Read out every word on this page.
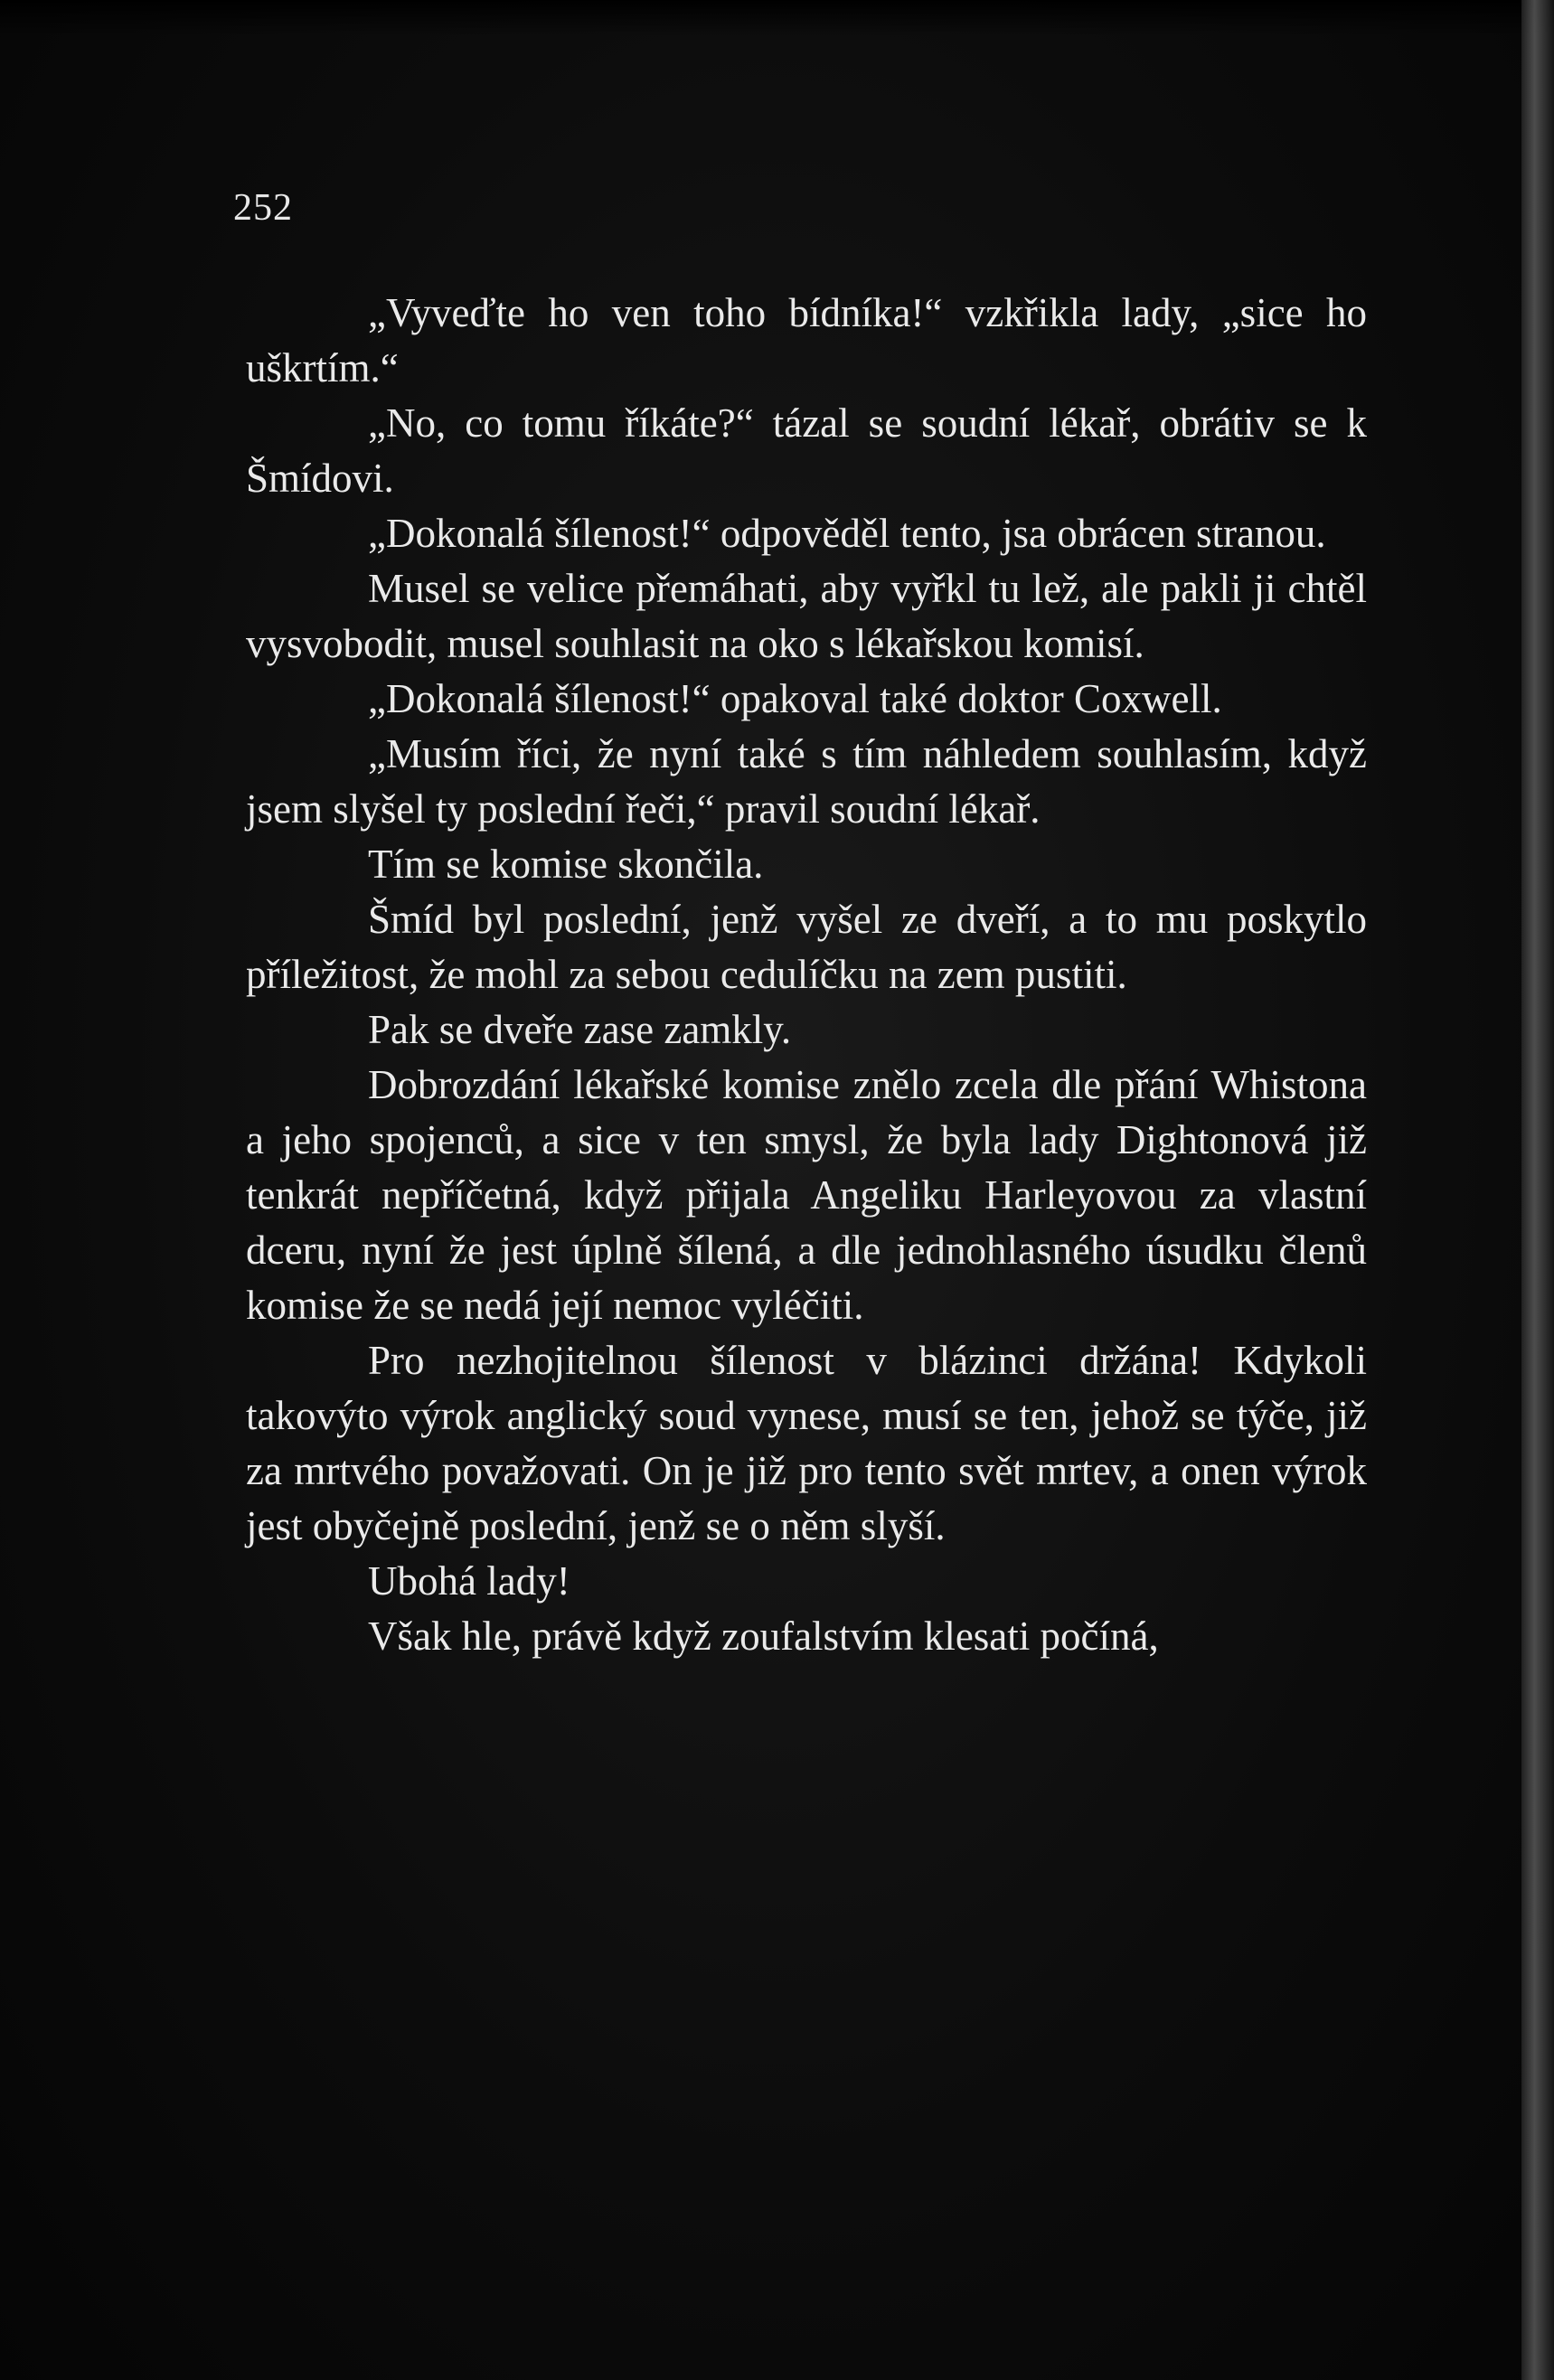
252

„Vyveďte ho ven toho bídníka!“ vzkřikla lady, „sice ho uškrtím.“

„No, co tomu říkáte?“ tázal se soudní lékař, obrátiv se k Šmídovi.

„Dokonalá šílenost!“ odpověděl tento, jsa obrácen stranou.

Musel se velice přemáhati, aby vyřkl tu lež, ale pakli ji chtěl vysvobodit, musel souhlasit na oko s lékařskou komisí.

„Dokonalá šílenost!“ opakoval také doktor Coxwell.

„Musím říci, že nyní také s tím náhledem souhlasím, když jsem slyšel ty poslední řeči,“ pravil soudní lékař.

Tím se komise skončila.

Šmíd byl poslední, jenž vyšel ze dveří, a to mu poskytlo příležitost, že mohl za sebou cedulíčku na zem pustiti.

Pak se dveře zase zamkly.

Dobrozdání lékařské komise znělo zcela dle přání Whistona a jeho spojenců, a sice v ten smysl, že byla lady Dightonová již tenkrát nepříčetná, když přijala Angeliku Harleyovou za vlastní dceru, nyní že jest úplně šílená, a dle jednohlasného úsudku členů komise že se nedá její nemoc vyléčiti.

Pro nezhojitelnou šílenost v blázinci držána! Kdykoli takovýto výrok anglický soud vynese, musí se ten, jehož se týče, již za mrtvého považovati. On je již pro tento svět mrtev, a onen výrok jest obyčejně poslední, jenž se o něm slyší.

Ubohá lady!

Však hle, právě když zoufalstvím klesati počíná,
